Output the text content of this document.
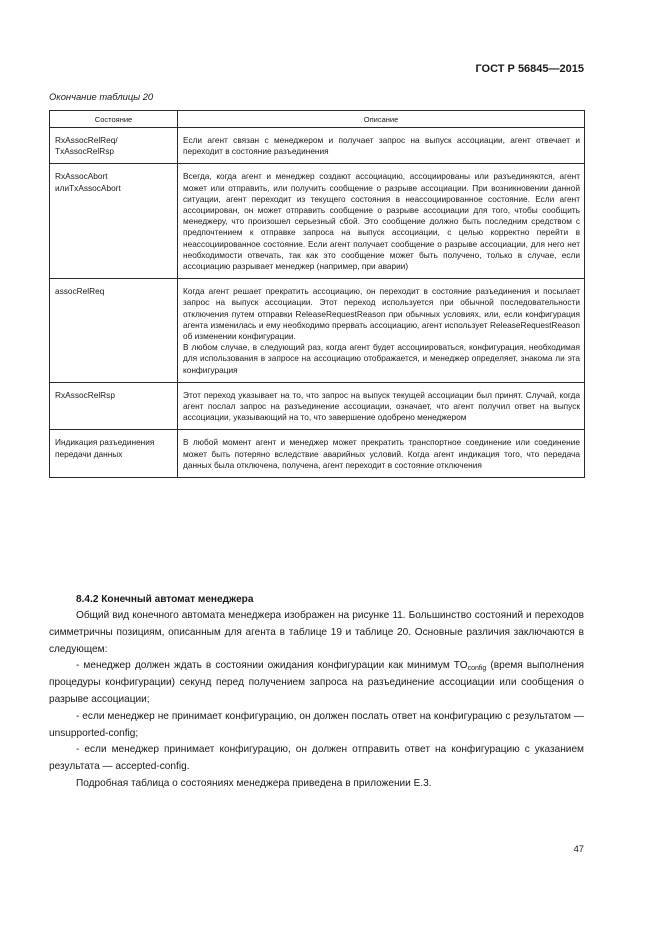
ГОСТ Р 56845—2015
Окончание таблицы 20
Состояние	Описание
RxAssocRelReq/ TxAssocRelRsp	Если агент связан с менеджером и получает запрос на выпуск ассоциации, агент отвечает и переходит в состояние разъединения
RxAssocAbort илиTxAssocAbort	Всегда, когда агент и менеджер создают ассоциацию, ассоциированы или разъединяются, агент может или отправить, или получить сообщение о разрыве ассоциации. При возникновении данной ситуации, агент переходит из текущего состояния в неассоциированное состояние. Если агент ассоциирован, он может отправить сообщение о разрыве ассоциации для того, чтобы сообщить менеджеру, что произошел серьезный сбой. Это сообщение должно быть последним средством с предпочтением к отправке запроса на выпуск ассоциации, с целью корректно перейти в неассоциированное состояние. Если агент получает сообщение о разрыве ассоциации, для него нет необходимости отвечать, так как это сообщение может быть получено, только в случае, если ассоциацию разрывает менеджер (например, при аварии)
assocRelReq	Когда агент решает прекратить ассоциацию, он переходит в состояние разъединения и посылает запрос на выпуск ассоциации. Этот переход используется при обычной последовательности отключения путем отправки ReleaseRequestReason при обычных условиях, или, если конфигурация агента изменилась и ему необходимо прервать ассоциацию, агент использует ReleaseRequestReason об изменении конфигурации.
В любом случае, в следующий раз, когда агент будет ассоциироваться, конфигурация, необходимая для использования в запросе на ассоциацию отображается, и менеджер определяет, знакома ли эта конфигурация
RxAssocRelRsp	Этот переход указывает на то, что запрос на выпуск текущей ассоциации был принят. Случай, когда агент послал запрос на разъединение ассоциации, означает, что агент получил ответ на выпуск ассоциации, указывающий на то, что завершение одобрено менеджером
Индикация разъединения передачи данных	В любой момент агент и менеджер может прекратить транспортное соединение или соединение может быть потеряно вследствие аварийных условий. Когда агент индикация того, что передача данных была отключена, получена, агент переходит в состояние отключения
8.4.2 Конечный автомат менеджера

Общий вид конечного автомата менеджера изображен на рисунке 11. Большинство состояний и переходов симметричны позициям, описанным для агента в таблице 19 и таблице 20. Основные различия заключаются в следующем:

- менеджер должен ждать в состоянии ожидания конфигурации как минимум $TO_{config}$ (время выполнения процедуры конфигурации) секунд перед получением запроса на разъединение ассоциации или сообщения о разрыве ассоциации;

- если менеджер не принимает конфигурацию, он должен послать ответ на конфигурацию с результатом — unsupported-config;

- если менеджер принимает конфигурацию, он должен отправить ответ на конфигурацию с указанием результата — accepted-config.

Подробная таблица о состояниях менеджера приведена в приложении Е.3.

47
